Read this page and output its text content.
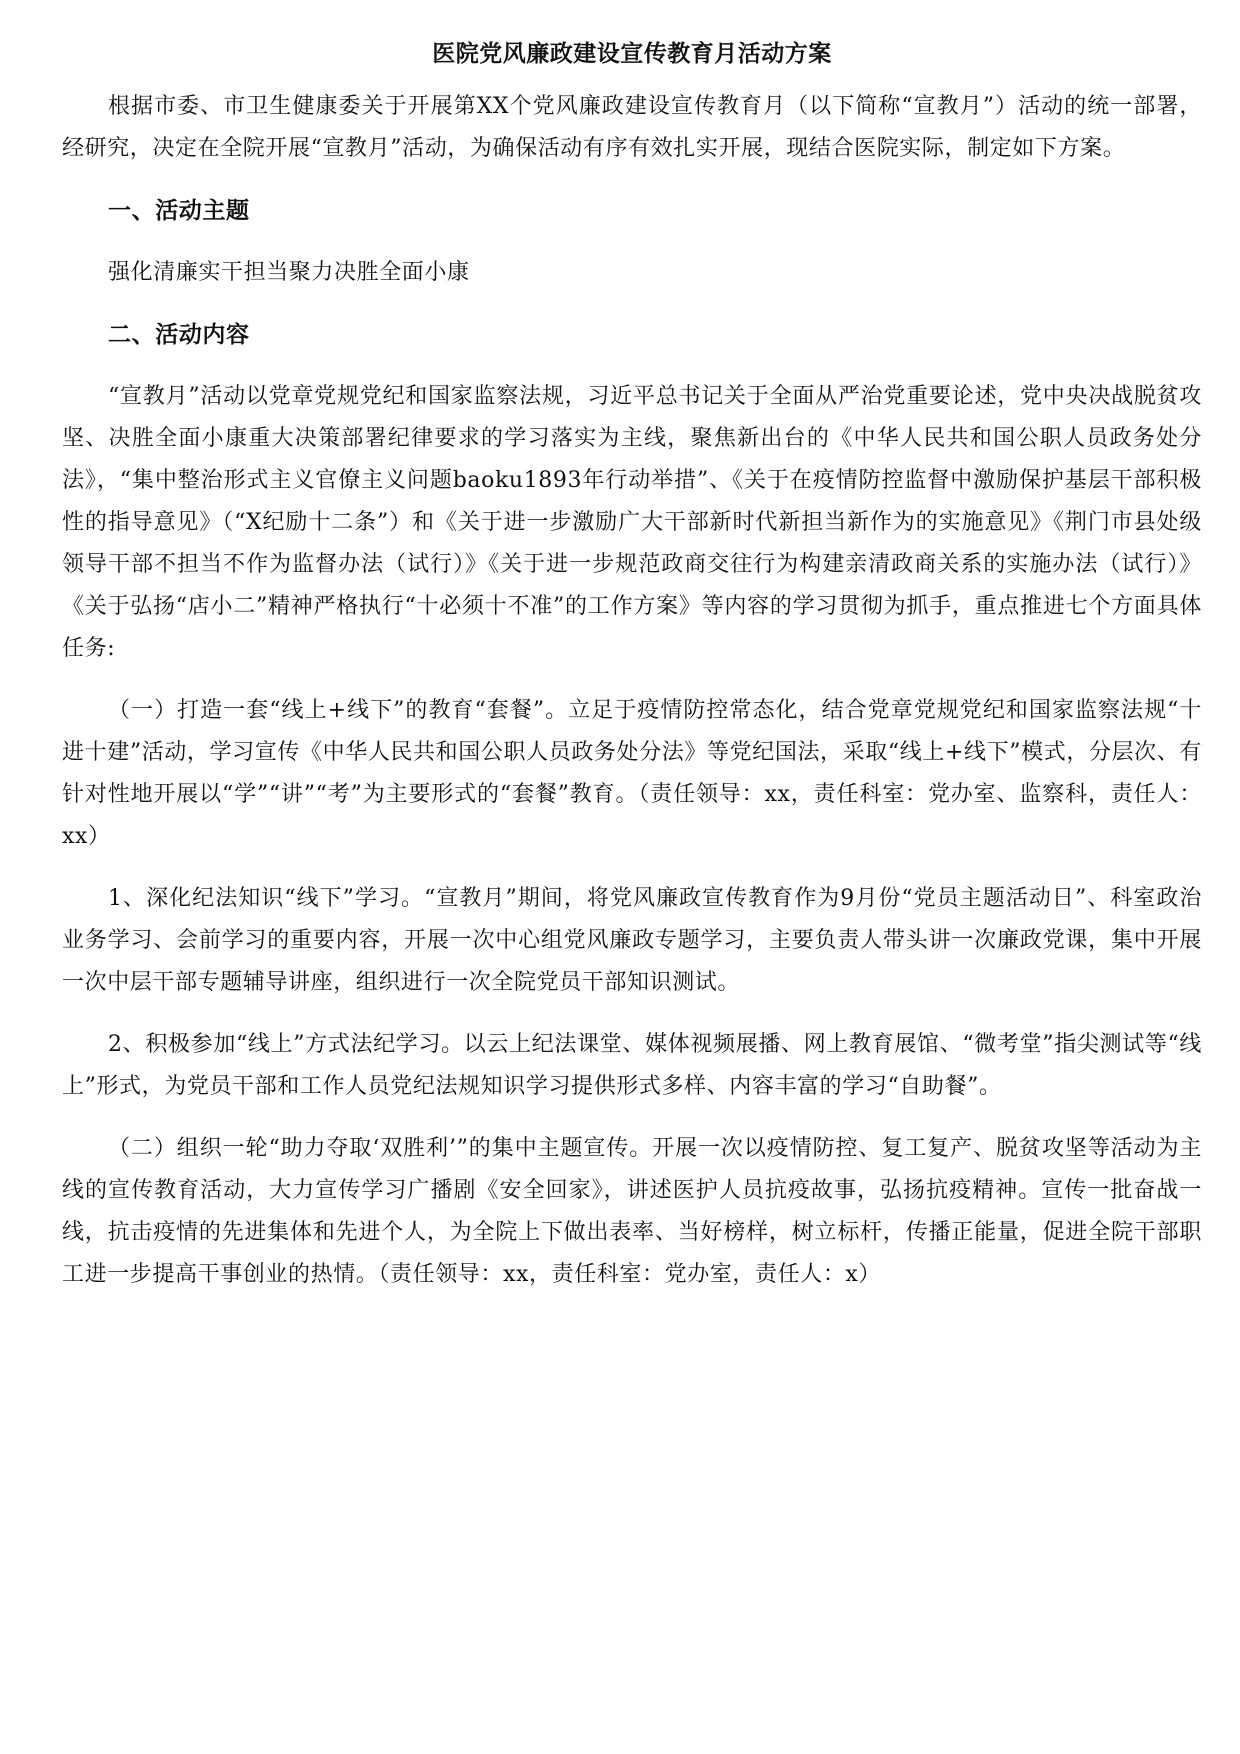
医院党风廉政建设宣传教育月活动方案

根据市委、市卫生健康委关于开展第XX个党风廉政建设宣传教育月（以下简称“宣教月”）活动的统一部署，经研究，决定在全院开展“宣教月”活动，为确保活动有序有效扎实开展，现结合医院实际，制定如下方案。

一、活动主题

强化清廉实干担当聚力决胜全面小康

二、活动内容

“宣教月”活动以党章党规党纪和国家监察法规，习近平总书记关于全面从严治党重要论述，党中央决战脱贫攻坚、决胜全面小康重大决策部署纪律要求的学习落实为主线，聚焦新出台的《中华人民共和国公职人员政务处分法》，“集中整治形式主义官僚主义问题baoku1893年行动举措”、《关于在疫情防控监督中激励保护基层干部积极性的指导意见》（“X纪励十二条”）和《关于进一步激励广大干部新时代新担当新作为的实施意见》《荆门市县处级领导干部不担当不作为监督办法（试行）》《关于进一步规范政商交往行为构建亲清政商关系的实施办法（试行）》《关于弘扬“店小二”精神严格执行“十必须十不准”的工作方案》等内容的学习贯彻为抓手，重点推进七个方面具体任务:

（一）打造一套“线上+线下”的教育“套餐”。立足于疫情防控常态化，结合党章党规党纪和国家监察法规“十进十建”活动，学习宣传《中华人民共和国公职人员政务处分法》等党纪国法，采取“线上+线下”模式，分层次、有针对性地开展以“学”“讲”“考”为主要形式的“套餐”教育。（责任领导：xx，责任科室：党办室、监察科，责任人：xx）

1、深化纪法知识“线下”学习。“宣教月”期间，将党风廉政宣传教育作为9月份“党员主题活动日”、科室政治业务学习、会前学习的重要内容，开展一次中心组党风廉政专题学习，主要负责人带头讲一次廉政党课，集中开展一次中层干部专题辅导讲座，组织进行一次全院党员干部知识测试。

2、积极参加“线上”方式法纪学习。以云上纪法课堂、媒体视频展播、网上教育展馆、“微考堂”指尖测试等“线上”形式，为党员干部和工作人员党纪法规知识学习提供形式多样、内容丰富的学习“自助餐”。

（二）组织一轮“助力夺取‘双胜利’”的集中主题宣传。开展一次以疫情防控、复工复产、脱贫攻坚等活动为主线的宣传教育活动，大力宣传学习广播剧《安全回家》，讲述医护人员抗疫故事，弘扬抗疫精神。宣传一批奋战一线，抗击疫情的先进集体和先进个人，为全院上下做出表率、当好榜样，树立标杆，传播正能量，促进全院干部职工进一步提高干事创业的热情。（责任领导：xx，责任科室：党办室，责任人：x）
